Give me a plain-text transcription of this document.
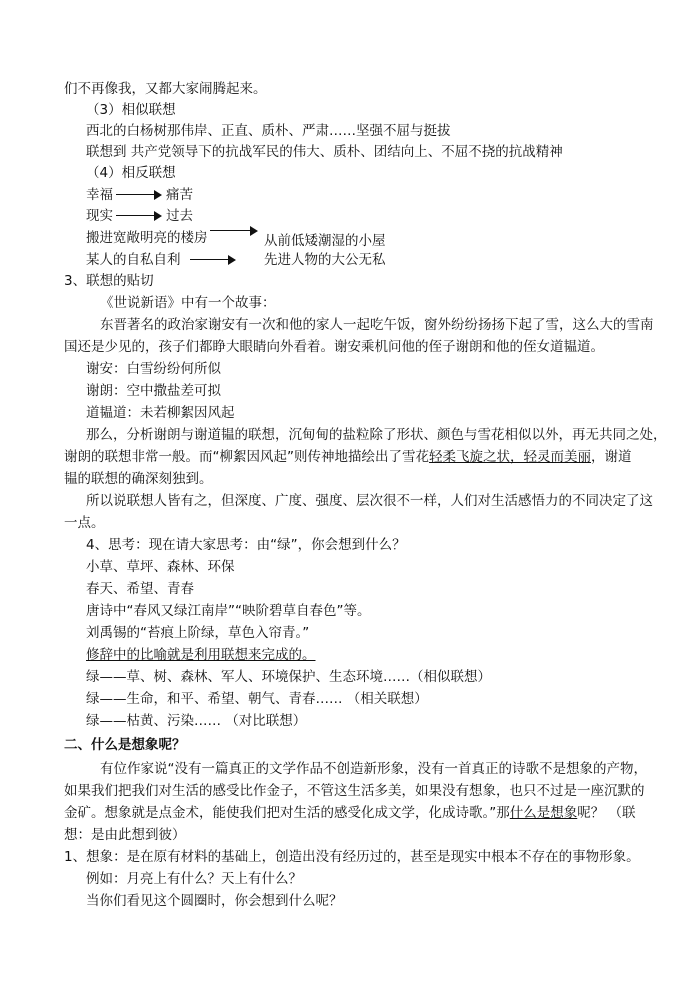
们不再像我，又都大家闹腾起来。
（3）相似联想
西北的白杨树那伟岸、正直、质朴、严肃……坚强不屈与挺拔
联想到 共产党领导下的抗战军民的伟大、质朴、团结向上、不屈不挠的抗战精神
（4）相反联想
幸福	痛苦
现实	过去
搬进宽敞明亮的楼房	从前低矮潮湿的小屋
某人的自私自利	先进人物的大公无私
3、联想的贴切
《世说新语》中有一个故事：
东晋著名的政治家谢安有一次和他的家人一起吃午饭，窗外纷纷扬扬下起了雪，这么大的雪南
国还是少见的，孩子们都睁大眼睛向外看着。谢安乘机问他的侄子谢朗和他的侄女道韫道。
谢安：白雪纷纷何所似
谢朗：空中撒盐差可拟
道韫道：未若柳絮因风起
那么，分析谢朗与谢道韫的联想，沉甸甸的盐粒除了形状、颜色与雪花相似以外，再无共同之处，
谢朗的联想非常一般。而“柳絮因风起”则传神地描绘出了雪花轻柔飞旋之状，轻灵而美丽，谢道
韫的联想的确深刻独到。
所以说联想人皆有之，但深度、广度、强度、层次很不一样，人们对生活感悟力的不同决定了这
一点。
4、思考：现在请大家思考：由“绿”，你会想到什么？
小草、草坪、森林、环保
春天、希望、青春
唐诗中“春风又绿江南岸”“映阶碧草自春色”等。
刘禹锡的“苔痕上阶绿，草色入帘青。”
修辞中的比喻就是利用联想来完成的。
绿——草、树、森林、军人、环境保护、生态环境……（相似联想）
绿——生命，和平、希望、朝气、青春…… （相关联想）
绿——枯黄、污染…… （对比联想）
二、什么是想象呢？
有位作家说“没有一篇真正的文学作品不创造新形象，没有一首真正的诗歌不是想象的产物，
如果我们把我们对生活的感受比作金子，不管这生活多美，如果没有想象，也只不过是一座沉默的
金矿。想象就是点金术，能使我们把对生活的感受化成文学，化成诗歌。”那什么是想象呢？ （联
想：是由此想到彼）
1、想象：是在原有材料的基础上，创造出没有经历过的，甚至是现实中根本不存在的事物形象。
例如：月亮上有什么？天上有什么？
当你们看见这个圆圈时，你会想到什么呢？
